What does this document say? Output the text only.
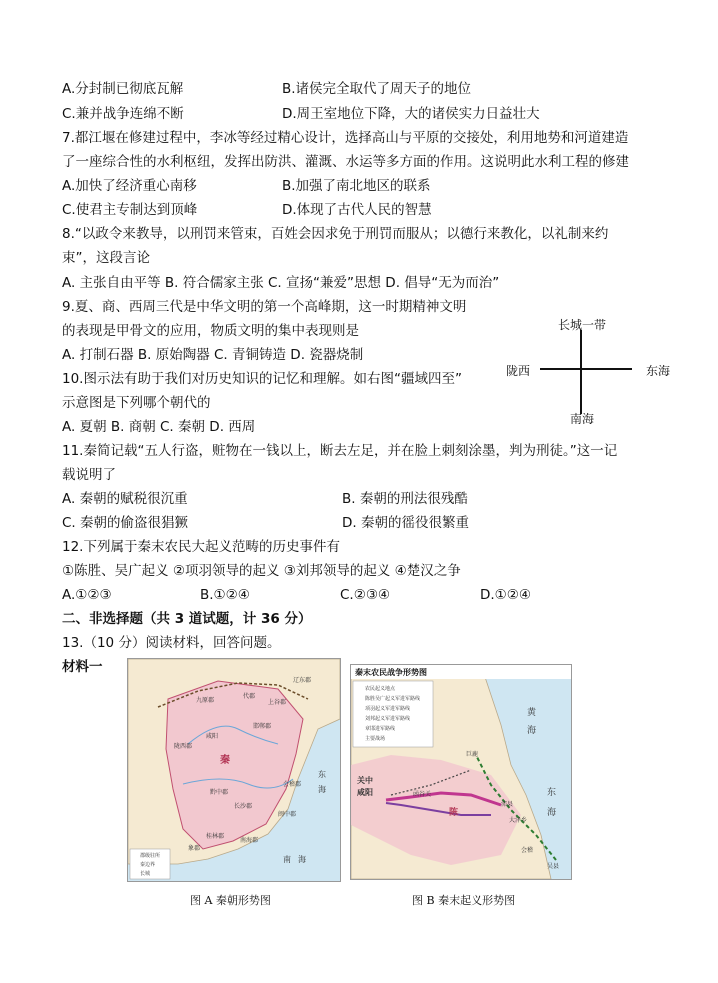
A.分封制已彻底瓦解	B.诸侯完全取代了周天子的地位
C.兼并战争连绵不断	D.周王室地位下降，大的诸侯实力日益壮大
7.都江堰在修建过程中，李冰等经过精心设计，选择高山与平原的交接处，利用地势和河道建造
了一座综合性的水利枢纽，发挥出防洪、灌溉、水运等多方面的作用。这说明此水利工程的修建
A.加快了经济重心南移	B.加强了南北地区的联系
C.使君主专制达到顶峰	D.体现了古代人民的智慧
8.“以政令来教导，以刑罚来管束，百姓会因求免于刑罚而服从；以德行来教化，以礼制来约
束”，这段言论
A. 主张自由平等 B. 符合儒家主张 C. 宣扬“兼爱”思想 D. 倡导“无为而治”
9.夏、商、西周三代是中华文明的第一个高峰期，这一时期精神文明
的表现是甲骨文的应用，物质文明的集中表现则是
A. 打制石器 B. 原始陶器 C. 青铜铸造 D. 瓷器烧制
10.图示法有助于我们对历史知识的记忆和理解。如右图“疆域四至”
示意图是下列哪个朝代的
A. 夏朝 B. 商朝 C. 秦朝 D. 西周
长城一带
陇西	东海
南海
11.秦简记载“五人行盗，赃物在一钱以上，断去左足，并在脸上刺刻涂墨，判为刑徒。”这一记
载说明了
A. 秦朝的赋税很沉重	B. 秦朝的刑法很残酷
C. 秦朝的偷盗很猖獗	D. 秦朝的徭役很繁重
12.下列属于秦末农民大起义范畴的历史事件有
①陈胜、吴广起义 ②项羽领导的起义 ③刘邦领导的起义 ④楚汉之争
A.①②③	B.①②④	C.②③④	D.①②④
二、非选择题（共 3 道试题，计 36 分）
13.（10 分）阅读材料，回答问题。
材料一
九原郡
代郡
上谷郡
辽东郡
陇西郡
咸阳
秦
邯郸郡
会稽郡
黔中郡
长沙郡
南海郡
桂林郡
象郡
闽中郡
东
海
南 海
郡级驻所
秦边界
长城
秦末农民战争形势图
农民起义地点
陈胜吴广起义军进军路线
项羽起义军进军路线
刘邦起义军进军路线
章邯进军路线
主要战场
关中
咸阳	函谷关
陈
巨鹿
沛县
大泽乡
会稽
吴县
东
海
黄
海
图 A 秦朝形势图	图 B 秦末起义形势图
